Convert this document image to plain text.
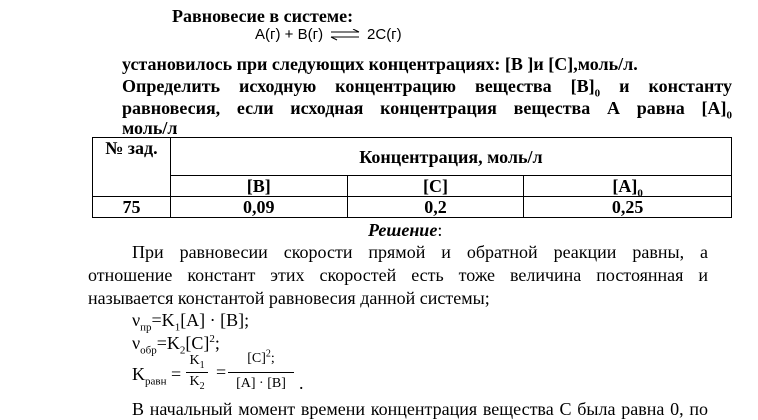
Равновесие в системе:
A(г) + B(г) ⇌ 2C(г)
установилось при следующих концентрациях: [В ]и [C],моль/л.
Определить исходную концентрацию вещества $[B]_0$ и константу
равновесия, если исходная концентрация вещества А равна $[A]_0$
моль/л
№ зад.	Концентрация, моль/л		
	[B]	[C]	$[A]_0$
75	0,09	0,2	0,25
Решение:
При равновесии скорости прямой и обратной реакции равны, а
отношение констант этих скоростей есть тоже величина постоянная и
называется константой равновесия данной системы;
$\nu_{пр}=K_1[A] \cdot [B]$;
$\nu_{обр}=K_2[C]^2$;
$K_{равн}$ =
$K_1$
$K_2$
=
$[C]^2$;
[A] · [B] .
В начальный момент времени концентрация вещества С была равна 0, по
